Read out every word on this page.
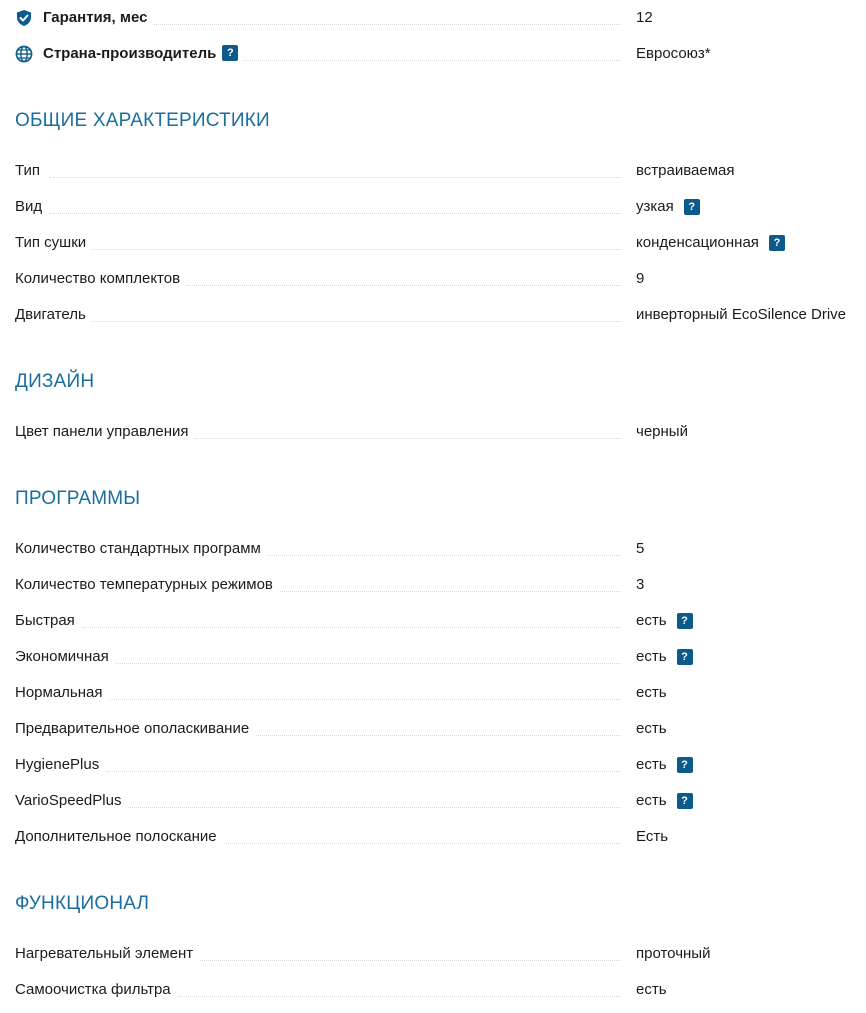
Гарантия, мес	12
Страна-производитель ?	Евросоюз*
ОБЩИЕ ХАРАКТЕРИСТИКИ
Тип	встраиваемая
Вид	узкая	?
Тип сушки	конденсационная	?
Количество комплектов	9
Двигатель	инверторный EcoSilence Drive
ДИЗАЙН
Цвет панели управления	черный
ПРОГРАММЫ
Количество стандартных программ	5
Количество температурных режимов	3
Быстрая	есть	?
Экономичная	есть	?
Нормальная	есть
Предварительное ополаскивание	есть
HygienePlus	есть	?
VarioSpeedPlus	есть	?
Дополнительное полоскание	Есть
ФУНКЦИОНАЛ
Нагревательный элемент	проточный
Самоочистка фильтра	есть
